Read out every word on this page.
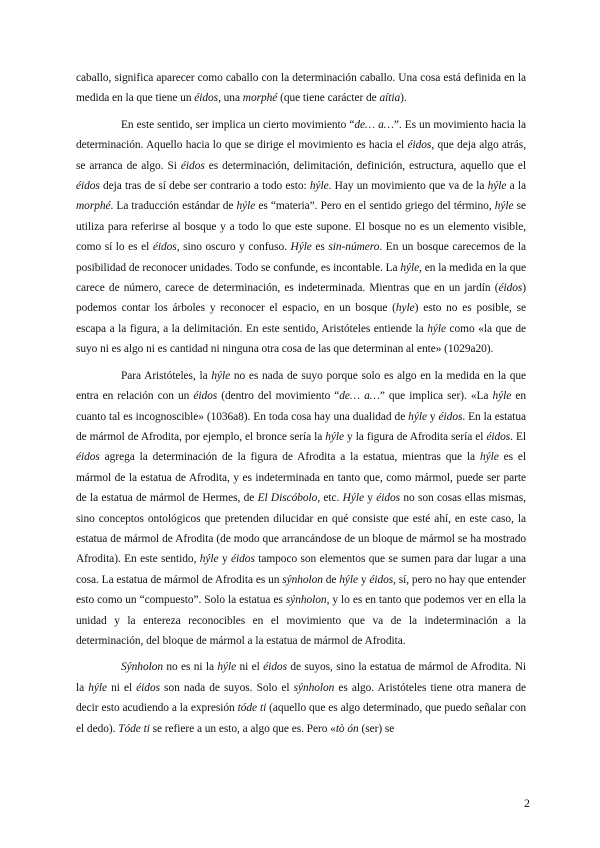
caballo, significa aparecer como caballo con la determinación caballo. Una cosa está definida en la medida en la que tiene un éidos, una morphé (que tiene carácter de aítia).

En este sentido, ser implica un cierto movimiento “de… a…”. Es un movimiento hacia la determinación. Aquello hacia lo que se dirige el movimiento es hacia el éidos, que deja algo atrás, se arranca de algo. Si éidos es determinación, delimitación, definición, estructura, aquello que el éidos deja tras de sí debe ser contrario a todo esto: hýle. Hay un movimiento que va de la hýle a la morphé. La traducción estándar de hýle es “materia”. Pero en el sentido griego del término, hýle se utiliza para referirse al bosque y a todo lo que este supone. El bosque no es un elemento visible, como sí lo es el éidos, sino oscuro y confuso. Hýle es sin-número. En un bosque carecemos de la posibilidad de reconocer unidades. Todo se confunde, es incontable. La hýle, en la medida en la que carece de número, carece de determinación, es indeterminada. Mientras que en un jardín (éidos) podemos contar los árboles y reconocer el espacio, en un bosque (hyle) esto no es posible, se escapa a la figura, a la delimitación. En este sentido, Aristóteles entiende la hýle como «la que de suyo ni es algo ni es cantidad ni ninguna otra cosa de las que determinan al ente» (1029a20).

Para Aristóteles, la hýle no es nada de suyo porque solo es algo en la medida en la que entra en relación con un éidos (dentro del movimiento “de… a…” que implica ser). «La hýle en cuanto tal es incognoscible» (1036a8). En toda cosa hay una dualidad de hýle y éidos. En la estatua de mármol de Afrodita, por ejemplo, el bronce sería la hýle y la figura de Afrodita sería el éidos. El éidos agrega la determinación de la figura de Afrodita a la estatua, mientras que la hýle es el mármol de la estatua de Afrodita, y es indeterminada en tanto que, como mármol, puede ser parte de la estatua de mármol de Hermes, de El Discóbolo, etc. Hýle y éidos no son cosas ellas mismas, sino conceptos ontológicos que pretenden dilucidar en qué consiste que esté ahí, en este caso, la estatua de mármol de Afrodita (de modo que arrancándose de un bloque de mármol se ha mostrado Afrodita). En este sentido, hýle y éidos tampoco son elementos que se sumen para dar lugar a una cosa. La estatua de mármol de Afrodita es un sýnholon de hýle y éidos, sí, pero no hay que entender esto como un “compuesto”. Solo la estatua es sýnholon, y lo es en tanto que podemos ver en ella la unidad y la entereza reconocibles en el movimiento que va de la indeterminación a la determinación, del bloque de mármol a la estatua de mármol de Afrodita.

Sýnholon no es ni la hýle ni el éidos de suyos, sino la estatua de mármol de Afrodita. Ni la hýle ni el éidos son nada de suyos. Solo el sýnholon es algo. Aristóteles tiene otra manera de decir esto acudiendo a la expresión tóde ti (aquello que es algo determinado, que puedo señalar con el dedo). Tóde ti se refiere a un esto, a algo que es. Pero «tò ón (ser) se

2
